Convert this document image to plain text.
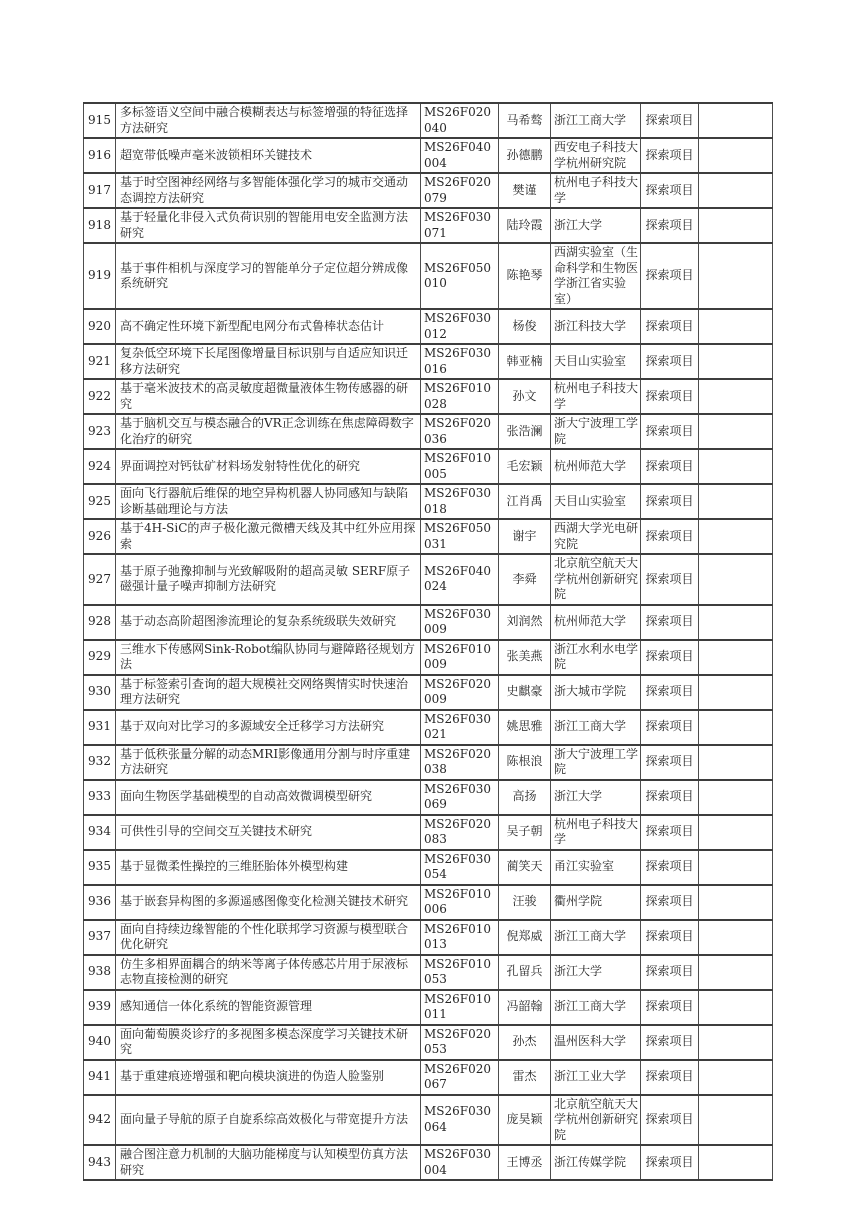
915	多标签语义空间中融合模糊表达与标签增强的特征选择方法研究	MS26F020040	马希骜	浙江工商大学	探索项目	
916	超宽带低噪声毫米波锁相环关键技术	MS26F040004	孙德鹏	西安电子科技大学杭州研究院	探索项目	
917	基于时空图神经网络与多智能体强化学习的城市交通动态调控方法研究	MS26F020079	樊谨	杭州电子科技大学	探索项目	
918	基于轻量化非侵入式负荷识别的智能用电安全监测方法研究	MS26F030071	陆玲霞	浙江大学	探索项目	
919	基于事件相机与深度学习的智能单分子定位超分辨成像系统研究	MS26F050010	陈艳琴	西湖实验室（生命科学和生物医学浙江省实验室）	探索项目	
920	高不确定性环境下新型配电网分布式鲁棒状态估计	MS26F030012	杨俊	浙江科技大学	探索项目	
921	复杂低空环境下长尾图像增量目标识别与自适应知识迁移方法研究	MS26F030016	韩亚楠	天目山实验室	探索项目	
922	基于毫米波技术的高灵敏度超微量液体生物传感器的研究	MS26F010028	孙文	杭州电子科技大学	探索项目	
923	基于脑机交互与模态融合的VR正念训练在焦虑障碍数字化治疗的研究	MS26F020036	张浩澜	浙大宁波理工学院	探索项目	
924	界面调控对钙钛矿材料场发射特性优化的研究	MS26F010005	毛宏颖	杭州师范大学	探索项目	
925	面向飞行器航后维保的地空异构机器人协同感知与缺陷诊断基础理论与方法	MS26F030018	江肖禹	天目山实验室	探索项目	
926	基于4H-SiC的声子极化激元微槽天线及其中红外应用探索	MS26F050031	谢宇	西湖大学光电研究院	探索项目	
927	基于原子弛豫抑制与光致解吸附的超高灵敏 SERF原子磁强计量子噪声抑制方法研究	MS26F040024	李舜	北京航空航天大学杭州创新研究院	探索项目	
928	基于动态高阶超图渗流理论的复杂系统级联失效研究	MS26F030009	刘润然	杭州师范大学	探索项目	
929	三维水下传感网Sink-Robot编队协同与避障路径规划方法	MS26F010009	张美燕	浙江水利水电学院	探索项目	
930	基于标签索引查询的超大规模社交网络舆情实时快速治理方法研究	MS26F020009	史麒豪	浙大城市学院	探索项目	
931	基于双向对比学习的多源域安全迁移学习方法研究	MS26F030021	姚思雅	浙江工商大学	探索项目	
932	基于低秩张量分解的动态MRI影像通用分割与时序重建方法研究	MS26F020038	陈根浪	浙大宁波理工学院	探索项目	
933	面向生物医学基础模型的自动高效微调模型研究	MS26F030069	高扬	浙江大学	探索项目	
934	可供性引导的空间交互关键技术研究	MS26F020083	吴子朝	杭州电子科技大学	探索项目	
935	基于显微柔性操控的三维胚胎体外模型构建	MS26F030054	蔺笑天	甬江实验室	探索项目	
936	基于嵌套异构图的多源遥感图像变化检测关键技术研究	MS26F010006	汪骏	衢州学院	探索项目	
937	面向自持续边缘智能的个性化联邦学习资源与模型联合优化研究	MS26F010013	倪郑威	浙江工商大学	探索项目	
938	仿生多相界面耦合的纳米等离子体传感芯片用于尿液标志物直接检测的研究	MS26F010053	孔留兵	浙江大学	探索项目	
939	感知通信一体化系统的智能资源管理	MS26F010011	冯韶翰	浙江工商大学	探索项目	
940	面向葡萄膜炎诊疗的多视图多模态深度学习关键技术研究	MS26F020053	孙杰	温州医科大学	探索项目	
941	基于重建痕迹增强和靶向模块演进的伪造人脸鉴别	MS26F020067	雷杰	浙江工业大学	探索项目	
942	面向量子导航的原子自旋系综高效极化与带宽提升方法	MS26F030064	庞昊颖	北京航空航天大学杭州创新研究院	探索项目	
943	融合图注意力机制的大脑功能梯度与认知模型仿真方法研究	MS26F030004	王博丞	浙江传媒学院	探索项目	
